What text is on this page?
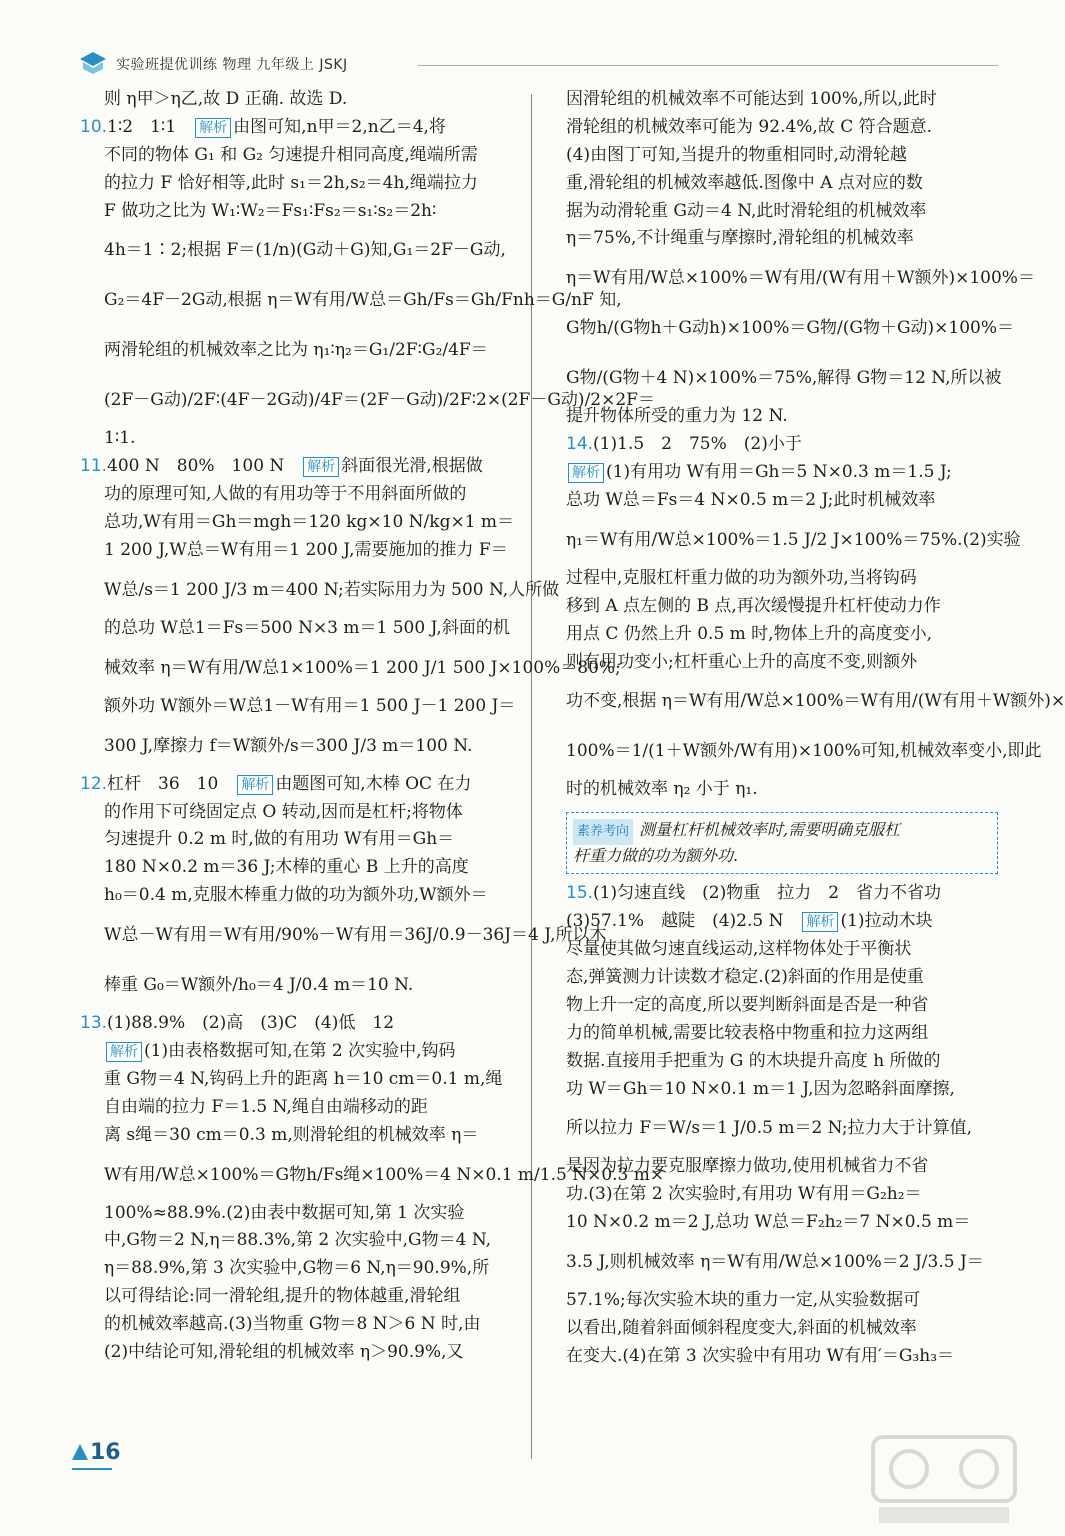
实验班提优训练 物理 九年级上 JSKJ
则 η甲＞η乙,故 D 正确. 故选 D.
10.1∶2　1∶1　解析 由图可知,n甲＝2,n乙＝4,将
不同的物体 G₁ 和 G₂ 匀速提升相同高度,绳端所需
的拉力 F 恰好相等,此时 s₁＝2h,s₂＝4h,绳端拉力
F 做功之比为 W₁∶W₂＝Fs₁∶Fs₂＝s₁∶s₂＝2h∶
4h＝1∶2;根据 F＝(1/n)(G动＋G)知,G₁＝2F－G动,
G₂＝4F－2G动,根据 η＝W有用/W总＝Gh/Fs＝Gh/Fnh＝G/nF 知,
两滑轮组的机械效率之比为 η₁∶η₂＝G₁/2F∶G₂/4F＝
(2F－G动)/2F∶(4F－2G动)/4F＝(2F－G动)/2F∶2×(2F－G动)/2×2F＝
1∶1.
11.400 N　80%　100 N　解析 斜面很光滑,根据做
功的原理可知,人做的有用功等于不用斜面所做的
总功,W有用＝Gh＝mgh＝120 kg×10 N/kg×1 m＝
1 200 J,W总＝W有用＝1 200 J,需要施加的推力 F＝
W总/s＝1 200 J/3 m＝400 N;若实际用力为 500 N,人所做
的总功 W总1＝Fs＝500 N×3 m＝1 500 J,斜面的机
械效率 η＝W有用/W总1×100%＝1 200 J/1 500 J×100%＝80%;
额外功 W额外＝W总1－W有用＝1 500 J－1 200 J＝
300 J,摩擦力 f＝W额外/s＝300 J/3 m＝100 N.
12.杠杆　36　10　解析 由题图可知,木棒 OC 在力
的作用下可绕固定点 O 转动,因而是杠杆;将物体
匀速提升 0.2 m 时,做的有用功 W有用＝Gh＝
180 N×0.2 m＝36 J;木棒的重心 B 上升的高度
h₀＝0.4 m,克服木棒重力做的功为额外功,W额外＝
W总－W有用＝W有用/90%－W有用＝36J/0.9－36J＝4 J,所以木
棒重 G₀＝W额外/h₀＝4 J/0.4 m＝10 N.
13.(1)88.9%　(2)高　(3)C　(4)低　12
解析 (1)由表格数据可知,在第 2 次实验中,钩码
重 G物＝4 N,钩码上升的距离 h＝10 cm＝0.1 m,绳
自由端的拉力 F＝1.5 N,绳自由端移动的距
离 s绳＝30 cm＝0.3 m,则滑轮组的机械效率 η＝
W有用/W总×100%＝G物h/Fs绳×100%＝4 N×0.1 m/1.5 N×0.3 m×
100%≈88.9%.(2)由表中数据可知,第 1 次实验
中,G物＝2 N,η＝88.3%,第 2 次实验中,G物＝4 N,
η＝88.9%,第 3 次实验中,G物＝6 N,η＝90.9%,所
以可得结论:同一滑轮组,提升的物体越重,滑轮组
的机械效率越高.(3)当物重 G物＝8 N＞6 N 时,由
(2)中结论可知,滑轮组的机械效率 η＞90.9%,又
因滑轮组的机械效率不可能达到 100%,所以,此时
滑轮组的机械效率可能为 92.4%,故 C 符合题意.
(4)由图丁可知,当提升的物重相同时,动滑轮越
重,滑轮组的机械效率越低.图像中 A 点对应的数
据为动滑轮重 G动＝4 N,此时滑轮组的机械效率
η＝75%,不计绳重与摩擦时,滑轮组的机械效率
η＝W有用/W总×100%＝W有用/(W有用＋W额外)×100%＝
G物h/(G物h＋G动h)×100%＝G物/(G物＋G动)×100%＝
G物/(G物＋4 N)×100%＝75%,解得 G物＝12 N,所以被
提升物体所受的重力为 12 N.
14.(1)1.5　2　75%　(2)小于
解析 (1)有用功 W有用＝Gh＝5 N×0.3 m＝1.5 J;
总功 W总＝Fs＝4 N×0.5 m＝2 J;此时机械效率
η₁＝W有用/W总×100%＝1.5 J/2 J×100%＝75%.(2)实验
过程中,克服杠杆重力做的功为额外功,当将钩码
移到 A 点左侧的 B 点,再次缓慢提升杠杆使动力作
用点 C 仍然上升 0.5 m 时,物体上升的高度变小,
则有用功变小;杠杆重心上升的高度不变,则额外
功不变,根据 η＝W有用/W总×100%＝W有用/(W有用＋W额外)×
100%＝1/(1＋W额外/W有用)×100%可知,机械效率变小,即此
时的机械效率 η₂ 小于 η₁.
素养考向 测量杠杆机械效率时,需要明确克服杠
杆重力做的功为额外功.
15.(1)匀速直线　(2)物重　拉力　2　省力不省功
(3)57.1%　越陡　(4)2.5 N　解析 (1)拉动木块
尽量使其做匀速直线运动,这样物体处于平衡状
态,弹簧测力计读数才稳定.(2)斜面的作用是使重
物上升一定的高度,所以要判断斜面是否是一种省
力的简单机械,需要比较表格中物重和拉力这两组
数据.直接用手把重为 G 的木块提升高度 h 所做的
功 W＝Gh＝10 N×0.1 m＝1 J,因为忽略斜面摩擦,
所以拉力 F＝W/s＝1 J/0.5 m＝2 N;拉力大于计算值,
是因为拉力要克服摩擦力做功,使用机械省力不省
功.(3)在第 2 次实验时,有用功 W有用＝G₂h₂＝
10 N×0.2 m＝2 J,总功 W总＝F₂h₂＝7 N×0.5 m＝
3.5 J,则机械效率 η＝W有用/W总×100%＝2 J/3.5 J＝
57.1%;每次实验木块的重力一定,从实验数据可
以看出,随着斜面倾斜程度变大,斜面的机械效率
在变大.(4)在第 3 次实验中有用功 W有用′＝G₃h₃＝
16
